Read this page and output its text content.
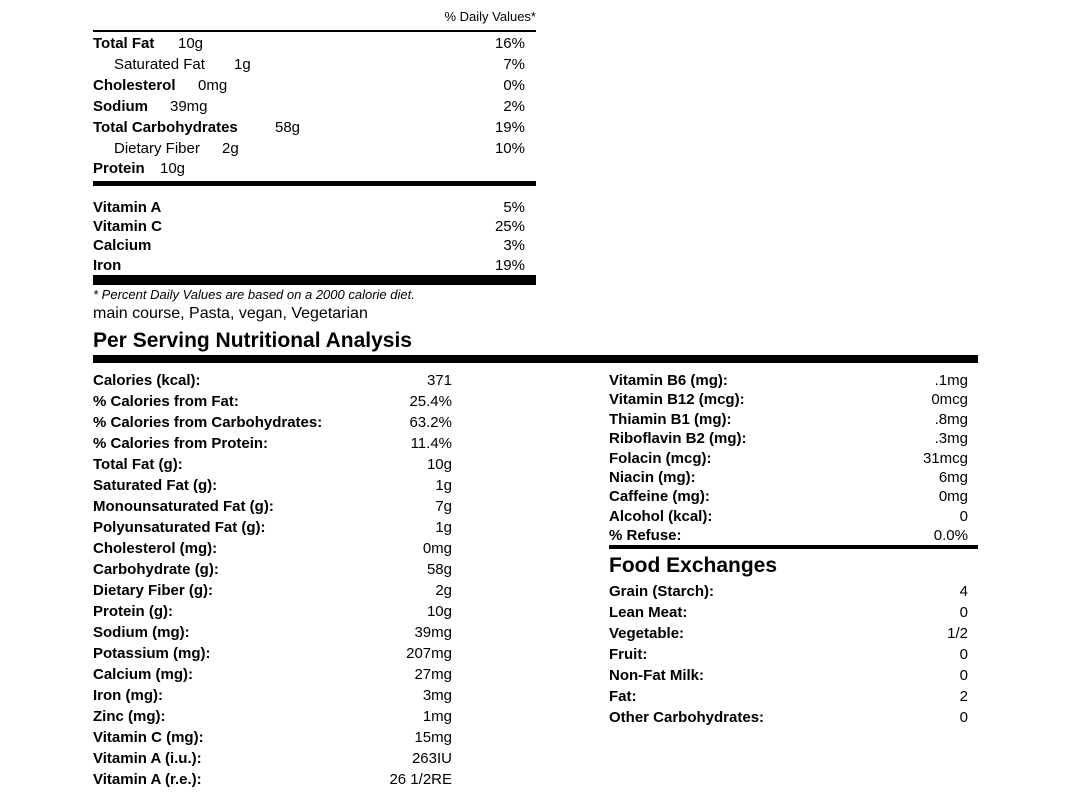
% Daily Values*
Total Fat 10g	16%
Saturated Fat 1g	7%
Cholesterol 0mg	0%
Sodium 39mg	2%
Total Carbohydrates 58g	19%
Dietary Fiber 2g	10%
Protein 10g
Vitamin A	5%
Vitamin C	25%
Calcium	3%
Iron	19%
* Percent Daily Values are based on a 2000 calorie diet.
main course, Pasta, vegan, Vegetarian
Per Serving Nutritional Analysis
Calories (kcal):	371
% Calories from Fat:	25.4%
% Calories from Carbohydrates:	63.2%
% Calories from Protein:	11.4%
Total Fat (g):	10g
Saturated Fat (g):	1g
Monounsaturated Fat (g):	7g
Polyunsaturated Fat (g):	1g
Cholesterol (mg):	0mg
Carbohydrate (g):	58g
Dietary Fiber (g):	2g
Protein (g):	10g
Sodium (mg):	39mg
Potassium (mg):	207mg
Calcium (mg):	27mg
Iron (mg):	3mg
Zinc (mg):	1mg
Vitamin C (mg):	15mg
Vitamin A (i.u.):	263IU
Vitamin A (r.e.):	26 1/2RE
Vitamin B6 (mg):	.1mg
Vitamin B12 (mcg):	0mcg
Thiamin B1 (mg):	.8mg
Riboflavin B2 (mg):	.3mg
Folacin (mcg):	31mcg
Niacin (mg):	6mg
Caffeine (mg):	0mg
Alcohol (kcal):	0
% Refuse:	0.0%
Food Exchanges
Grain (Starch):	4
Lean Meat:	0
Vegetable:	1/2
Fruit:	0
Non-Fat Milk:	0
Fat:	2
Other Carbohydrates:	0
